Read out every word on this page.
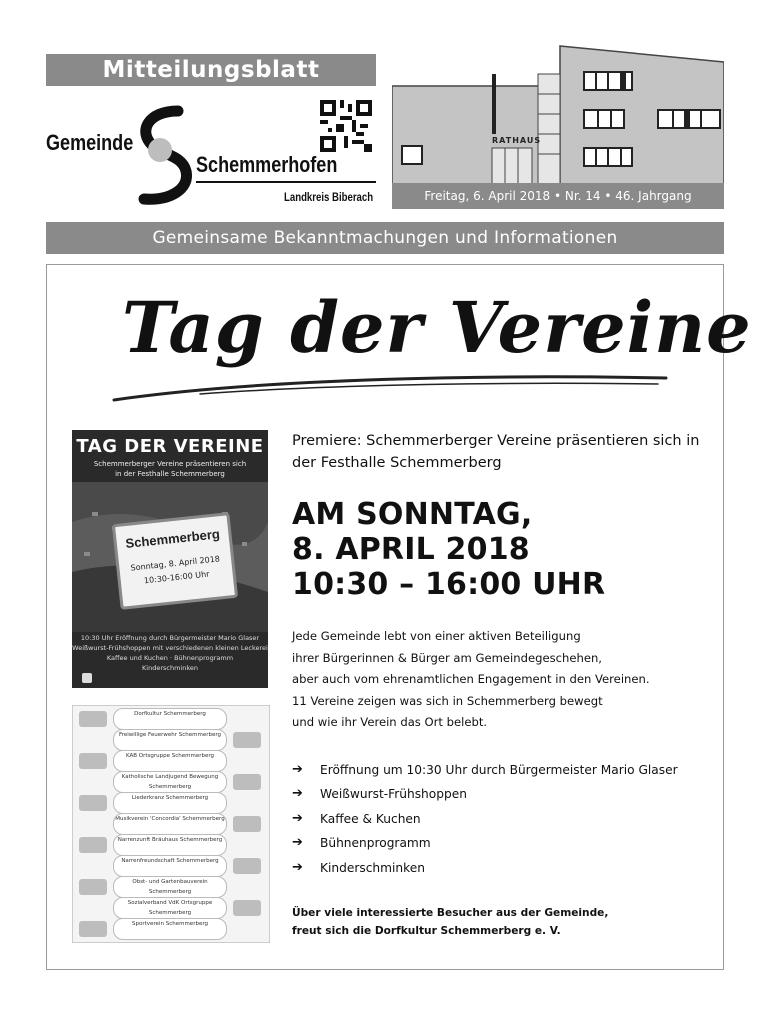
Mitteilungsblatt
Gemeinde
Schemmerhofen
Landkreis Biberach
RATHAUS
Freitag, 6. April 2018 • Nr. 14 • 46. Jahrgang
Gemeinsame Bekanntmachungen und Informationen
Tag der Vereine
TAG DER VEREINE
Schemmerberger Vereine präsentieren sich
in der Festhalle Schemmerberg
Schemmerberg
Sonntag, 8. April 2018
10:30-16:00 Uhr
10:30 Uhr Eröffnung durch Bürgermeister Mario Glaser
Weißwurst-Frühshoppen mit verschiedenen kleinen Leckerei
Kaffee und Kuchen · Bühnenprogramm
Kinderschminken
Dorfkultur Schemmerberg
Freiwillige Feuerwehr Schemmerberg
KAB Ortsgruppe Schemmerberg
Katholische Landjugend Bewegung Schemmerberg
Liederkranz Schemmerberg
Musikverein 'Concordia' Schemmerberg
Narrenzunft Bräuhaus Schemmerberg
Narrenfreundschaft Schemmerberg
Obst- und Gartenbauverein Schemmerberg
Sozialverband VdK Ortsgruppe Schemmerberg
Sportverein Schemmerberg
Premiere: Schemmerberger Vereine präsentieren sich in der Festhalle Schemmerberg
AM SONNTAG,
8. APRIL 2018
10:30 – 16:00 UHR
Jede Gemeinde lebt von einer aktiven Beteiligung
ihrer Bürgerinnen & Bürger am Gemeindegeschehen,
aber auch vom ehrenamtlichen Engagement in den Vereinen.
11 Vereine zeigen was sich in Schemmerberg bewegt
und wie ihr Verein das Ort belebt.
➔	Eröffnung um 10:30 Uhr durch Bürgermeister Mario Glaser
➔	Weißwurst-Frühshoppen
➔	Kaffee & Kuchen
➔	Bühnenprogramm
➔	Kinderschminken
Über viele interessierte Besucher aus der Gemeinde,
freut sich die Dorfkultur Schemmerberg e. V.
